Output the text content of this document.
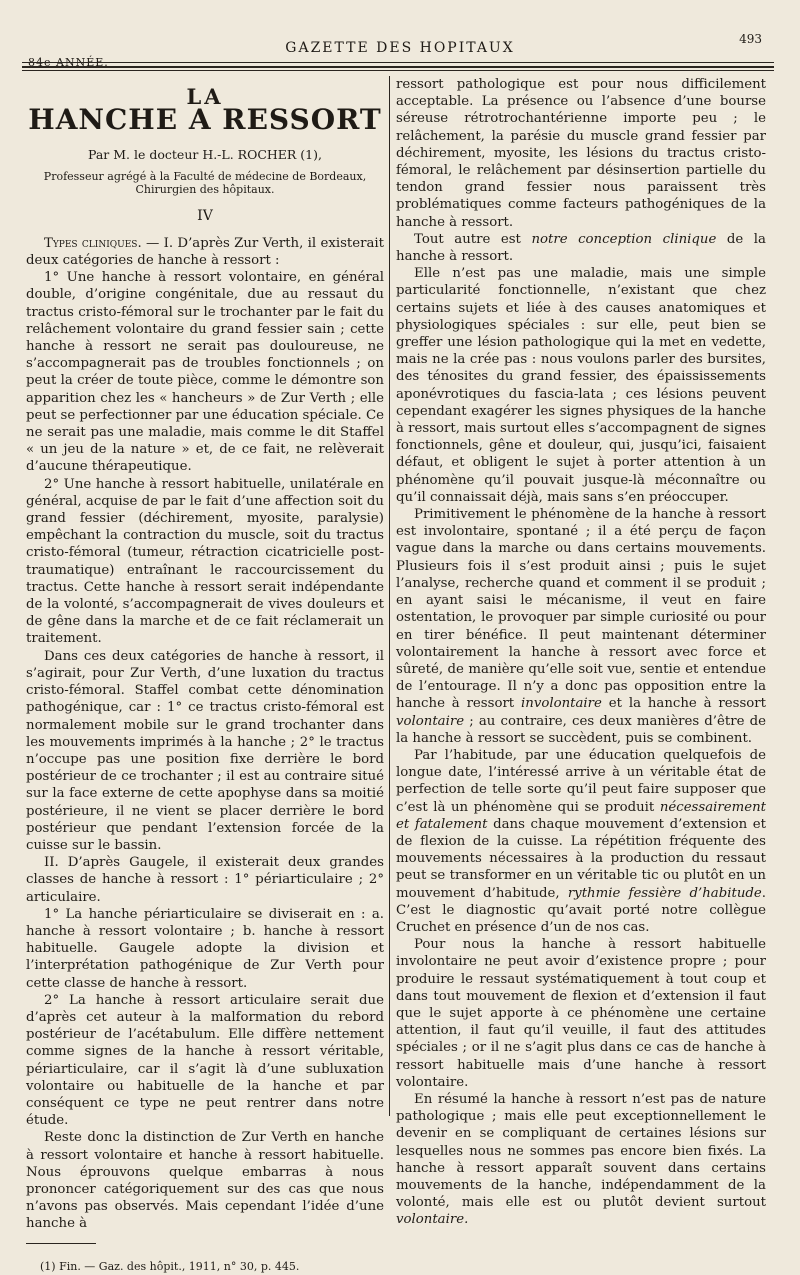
84e ANNÉE.
GAZETTE DES HOPITAUX
493
LA
HANCHE A RESSORT
Par M. le docteur H.-L. ROCHER (1),
Professeur agrégé à la Faculté de médecine de Bordeaux,
Chirurgien des hôpitaux.
IV

Types cliniques. — I. D’après Zur Verth, il existerait deux catégories de hanche à ressort :

1° Une hanche à ressort volontaire, en général double, d’origine congénitale, due au ressaut du tractus cristo-fémoral sur le trochanter par le fait du relâchement volontaire du grand fessier sain ; cette hanche à ressort ne serait pas douloureuse, ne s’accompagnerait pas de troubles fonctionnels ; on peut la créer de toute pièce, comme le démontre son apparition chez les « hancheurs » de Zur Verth ; elle peut se perfectionner par une éducation spéciale. Ce ne serait pas une maladie, mais comme le dit Staffel « un jeu de la nature » et, de ce fait, ne relèverait d’aucune thérapeutique.

2° Une hanche à ressort habituelle, unilatérale en général, acquise de par le fait d’une affection soit du grand fessier (déchirement, myosite, paralysie) empêchant la contraction du muscle, soit du tractus cristo-fémoral (tumeur, rétraction cicatricielle post-traumatique) entraînant le raccourcissement du tractus. Cette hanche à ressort serait indépendante de la volonté, s’accompagnerait de vives douleurs et de gêne dans la marche et de ce fait réclamerait un traitement.

Dans ces deux catégories de hanche à ressort, il s’agirait, pour Zur Verth, d’une luxation du tractus cristo-fémoral. Staffel combat cette dénomination pathogénique, car : 1° ce tractus cristo-fémoral est normalement mobile sur le grand trochanter dans les mouvements imprimés à la hanche ; 2° le tractus n’occupe pas une position fixe derrière le bord postérieur de ce trochanter ; il est au contraire situé sur la face externe de cette apophyse dans sa moitié postérieure, il ne vient se placer derrière le bord postérieur que pendant l’extension forcée de la cuisse sur le bassin.

II. D’après Gaugele, il existerait deux grandes classes de hanche à ressort : 1° périarticulaire ; 2° articulaire.

1° La hanche périarticulaire se diviserait en : a. hanche à ressort volontaire ; b. hanche à ressort habituelle. Gaugele adopte la division et l’interprétation pathogénique de Zur Verth pour cette classe de hanche à ressort.

2° La hanche à ressort articulaire serait due d’après cet auteur à la malformation du rebord postérieur de l’acétabulum. Elle diffère nettement comme signes de la hanche à ressort véritable, périarticulaire, car il s’agit là d’une subluxation volontaire ou habituelle de la hanche et par conséquent ce type ne peut rentrer dans notre étude.

Reste donc la distinction de Zur Verth en hanche à ressort volontaire et hanche à ressort habituelle. Nous éprouvons quelque embarras à nous prononcer catégoriquement sur des cas que nous n’avons pas observés. Mais cependant l’idée d’une hanche à

(1) Fin. — Gaz. des hôpit., 1911, n° 30, p. 445.

ressort pathologique est pour nous difficilement acceptable. La présence ou l’absence d’une bourse séreuse rétrotrochantérienne importe peu ; le relâchement, la parésie du muscle grand fessier par déchirement, myosite, les lésions du tractus cristo-fémoral, le relâchement par désinsertion partielle du tendon grand fessier nous paraissent très problématiques comme facteurs pathogéniques de la hanche à ressort.

Tout autre est notre conception clinique de la hanche à ressort.

Elle n’est pas une maladie, mais une simple particularité fonctionnelle, n’existant que chez certains sujets et liée à des causes anatomiques et physiologiques spéciales : sur elle, peut bien se greffer une lésion pathologique qui la met en vedette, mais ne la crée pas : nous voulons parler des bursites, des ténosites du grand fessier, des épaississements aponévrotiques du fascia-lata ; ces lésions peuvent cependant exagérer les signes physiques de la hanche à ressort, mais surtout elles s’accompagnent de signes fonctionnels, gêne et douleur, qui, jusqu’ici, faisaient défaut, et obligent le sujet à porter attention à un phénomène qu’il pouvait jusque-là méconnaître ou qu’il connaissait déjà, mais sans s’en préoccuper.

Primitivement le phénomène de la hanche à ressort est involontaire, spontané ; il a été perçu de façon vague dans la marche ou dans certains mouvements. Plusieurs fois il s’est produit ainsi ; puis le sujet l’analyse, recherche quand et comment il se produit ; en ayant saisi le mécanisme, il veut en faire ostentation, le provoquer par simple curiosité ou pour en tirer bénéfice. Il peut maintenant déterminer volontairement la hanche à ressort avec force et sûreté, de manière qu’elle soit vue, sentie et entendue de l’entourage. Il n’y a donc pas opposition entre la hanche à ressort involontaire et la hanche à ressort volontaire ; au contraire, ces deux manières d’être de la hanche à ressort se succèdent, puis se combinent.

Par l’habitude, par une éducation quelquefois de longue date, l’intéressé arrive à un véritable état de perfection de telle sorte qu’il peut faire supposer que c’est là un phénomène qui se produit nécessairement et fatalement dans chaque mouvement d’extension et de flexion de la cuisse. La répétition fréquente des mouvements nécessaires à la production du ressaut peut se transformer en un véritable tic ou plutôt en un mouvement d’habitude, rythmie fessière d’habitude. C’est le diagnostic qu’avait porté notre collègue Cruchet en présence d’un de nos cas.

Pour nous la hanche à ressort habituelle involontaire ne peut avoir d’existence propre ; pour produire le ressaut systématiquement à tout coup et dans tout mouvement de flexion et d’extension il faut que le sujet apporte à ce phénomène une certaine attention, il faut qu’il veuille, il faut des attitudes spéciales ; or il ne s’agit plus dans ce cas de hanche à ressort habituelle mais d’une hanche à ressort volontaire.

En résumé la hanche à ressort n’est pas de nature pathologique ; mais elle peut exceptionnellement le devenir en se compliquant de certaines lésions sur lesquelles nous ne sommes pas encore bien fixés. La hanche à ressort apparaît souvent dans certains mouvements de la hanche, indépendamment de la volonté, mais elle est ou plutôt devient surtout volontaire.
